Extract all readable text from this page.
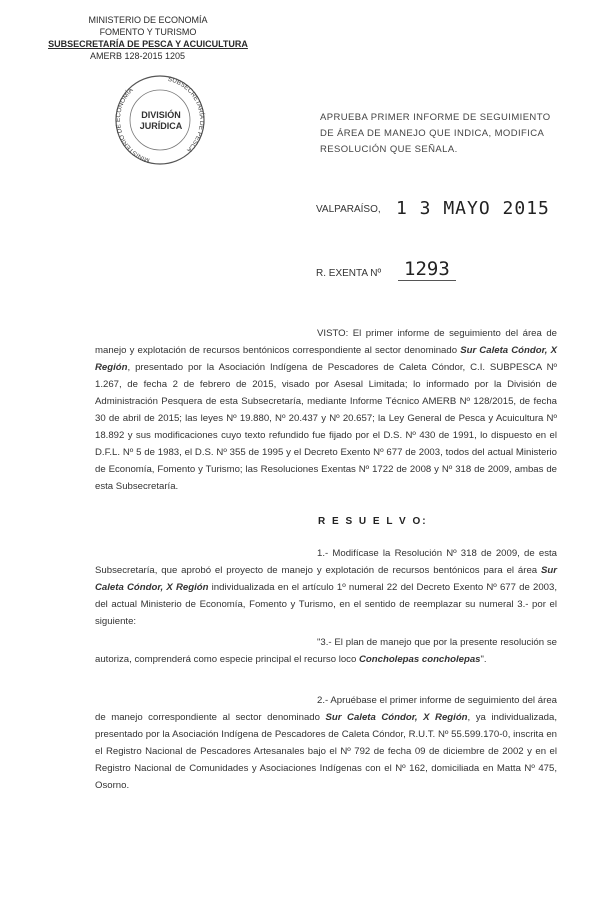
MINISTERIO DE ECONOMÍA
FOMENTO Y TURISMO
SUBSECRETARÍA DE PESCA Y ACUICULTURA
AMERB 128-2015 1205
MINISTERIO DE ECONOMÍA
SUBSECRETARÍA DE PESCA
DIVISIÓN
JURÍDICA
APRUEBA PRIMER INFORME DE SEGUIMIENTO DE ÁREA DE MANEJO QUE INDICA, MODIFICA RESOLUCIÓN QUE SEÑALA.
VALPARAÍSO, 1 3 MAYO 2015
R. EXENTA Nº	1293
VISTO: El primer informe de seguimiento del área de manejo y explotación de recursos bentónicos correspondiente al sector denominado Sur Caleta Cóndor, X Región, presentado por la Asociación Indígena de Pescadores de Caleta Cóndor, C.I. SUBPESCA Nº 1.267, de fecha 2 de febrero de 2015, visado por Asesal Limitada; lo informado por la División de Administración Pesquera de esta Subsecretaría, mediante Informe Técnico AMERB Nº 128/2015, de fecha 30 de abril de 2015; las leyes Nº 19.880, Nº 20.437 y Nº 20.657; la Ley General de Pesca y Acuicultura Nº 18.892 y sus modificaciones cuyo texto refundido fue fijado por el D.S. Nº 430 de 1991, lo dispuesto en el D.F.L. Nº 5 de 1983, el D.S. Nº 355 de 1995 y el Decreto Exento Nº 677 de 2003, todos del actual Ministerio de Economía, Fomento y Turismo; las Resoluciones Exentas Nº 1722 de 2008 y Nº 318 de 2009, ambas de esta Subsecretaría.
R E S U E L V O:
1.- Modifícase la Resolución Nº 318 de 2009, de esta Subsecretaría, que aprobó el proyecto de manejo y explotación de recursos bentónicos para el área Sur Caleta Cóndor, X Región individualizada en el artículo 1º numeral 22 del Decreto Exento Nº 677 de 2003, del actual Ministerio de Economía, Fomento y Turismo, en el sentido de reemplazar su numeral 3.- por el siguiente:
"3.- El plan de manejo que por la presente resolución se autoriza, comprenderá como especie principal el recurso loco Concholepas concholepas".
2.- Apruébase el primer informe de seguimiento del área de manejo correspondiente al sector denominado Sur Caleta Cóndor, X Región, ya individualizada, presentado por la Asociación Indígena de Pescadores de Caleta Cóndor, R.U.T. Nº 55.599.170-0, inscrita en el Registro Nacional de Pescadores Artesanales bajo el Nº 792 de fecha 09 de diciembre de 2002 y en el Registro Nacional de Comunidades y Asociaciones Indígenas con el Nº 162, domiciliada en Matta Nº 475, Osorno.
